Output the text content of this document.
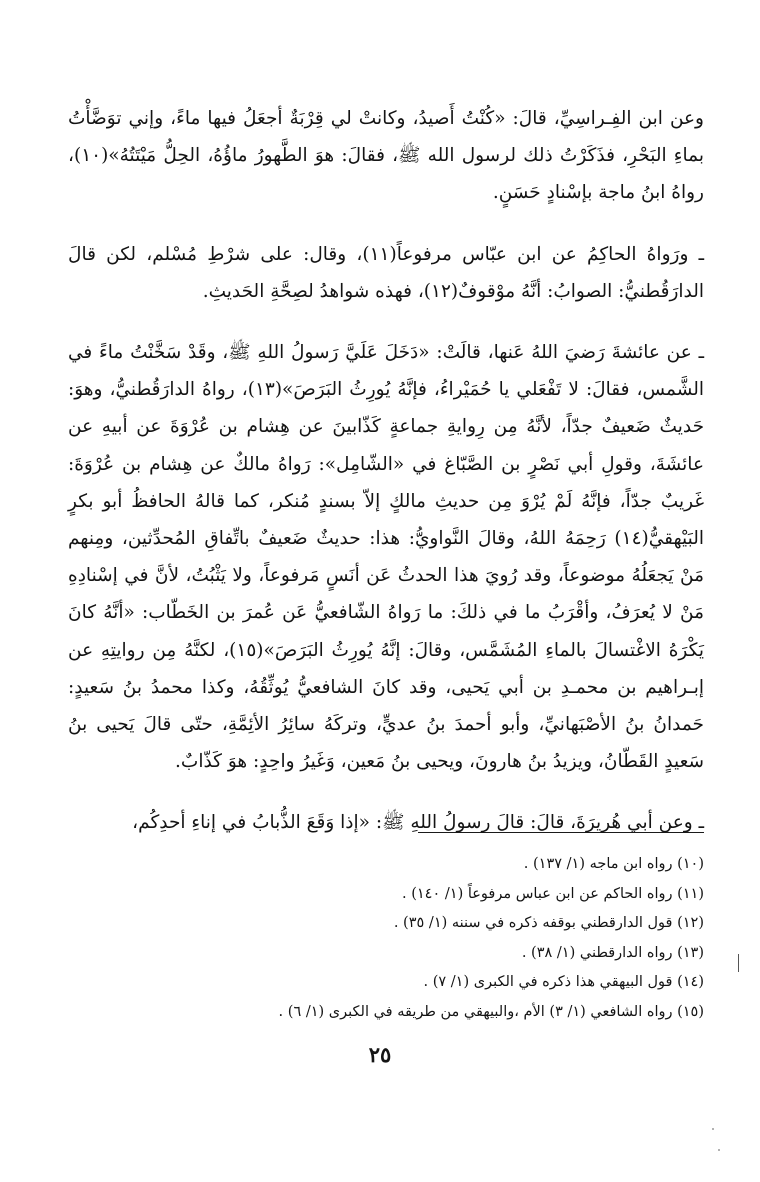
وعن ابن الفِـراسِيِّ، قالَ: «كُنْتُ أَصيدُ، وكانتْ لي قِرْبَةٌ أجعَلُ فيها ماءً، وإني توَضَّأْتُ بماءِ البَحْرِ، فذَكَرْتُ ذلك لرسول الله ﷺ، فقالَ: هوَ الطَّهورُ ماؤُهُ، الحِلُّ مَيْتَتُهُ»(١٠)، رواهُ ابنُ ماجة بإسْنادٍ حَسَنٍ.

ـ ورَواهُ الحاكِمُ عن ابن عبّاس مرفوعاً(١١)، وقال: على شرْطِ مُسْلم، لكن قالَ الدارَقُطنيُّ: الصوابُ: أنَّهُ موْقوفٌ(١٢)، فهذه شواهدُ لصِحَّةِ الحَديثِ.

ـ عن عائشةَ رَضيَ اللهُ عَنها، قالَتْ: «دَخَلَ عَلَيَّ رَسولُ اللهِ ﷺ، وقَدْ سَخَّنْتُ ماءً في الشَّمس، فقالَ: لا تَفْعَلي يا حُمَيْراءُ، فإنَّهُ يُورِثُ البَرَصَ»(١٣)، رواهُ الدارَقُطنيُّ، وهوَ: حَديثٌ ضَعيفٌ جدّاً، لأنَّهُ مِن رِوايةِ جماعةٍ كَذّابينَ عن هِشام بن عُرْوَةَ عن أبيهِ عن عائشَةَ، وقولِ أبي نَصْرٍ بن الصَّبّاغ في «الشّامِل»: رَواهُ مالكٌ عن هِشام بن عُرْوَةَ: غَريبٌ جدّاً، فإنَّهُ لَمْ يُرْوَ مِن حديثِ مالكٍ إلاّ بسندٍ مُنكر، كما قالهُ الحافظُ أبو بكرٍ البَيْهقيُّ(١٤) رَحِمَهُ اللهُ، وقالَ النَّواويُّ: هذا: حديثٌ ضَعيفٌ باتِّفاقِ المُحدِّثين، ومِنهم مَنْ يَجعَلُهُ موضوعاً، وقد رُويَ هذا الحدثُ عَن أنَسٍ مَرفوعاً، ولا يَثْبُتُ، لأنَّ في إسْنادِهِ مَنْ لا يُعرَفُ، وأقْرَبُ ما في ذلكَ: ما رَواهُ الشّافعيُّ عَن عُمرَ بن الخَطّاب: «أنَّهُ كانَ يَكْرَهُ الاغْتسالَ بالماءِ المُشَمَّس، وقالَ: إنَّهُ يُورِثُ البَرَصَ»(١٥)، لكنَّهُ مِن روايتِهِ عن إبـراهيم بن محمـدِ بن أبي يَحيى، وقد كانَ الشافعيُّ يُوثِّقُهُ، وكذا محمدُ بنُ سَعيدٍ: حَمدانُ بنُ الأصْبَهانيِّ، وأبو أحمدَ بنُ عديٍّ، وتركَهُ سائِرُ الأئِمَّةِ، حتّى قالَ يَحيى بنُ سَعيدٍ القَطّانُ، ويزيدُ بنُ هارونَ، ويحيى بنُ مَعين، وَغَيرُ واحِدٍ: هوَ كَذّابٌ.

ـ وعن أبي هُريرَةَ، قالَ: قالَ رسولُ اللهِ ﷺ: «إذا وَقَعَ الذُّبابُ في إناءِ أحدِكُم،

(١٠) رواه ابن ماجه (١/ ١٣٧) .
(١١) رواه الحاكم عن ابن عباس مرفوعاً (١/ ١٤٠) .
(١٢) قول الدارقطني بوقفه ذكره في سننه (١/ ٣٥) .
(١٣) رواه الدارقطني (١/ ٣٨) .
(١٤) قول البيهقي هذا ذكره في الكبرى (١/ ٧) .
(١٥) رواه الشافعي (١/ ٣) الأم ،والبيهقي من طريقه في الكبرى (١/ ٦) .
٢٥
